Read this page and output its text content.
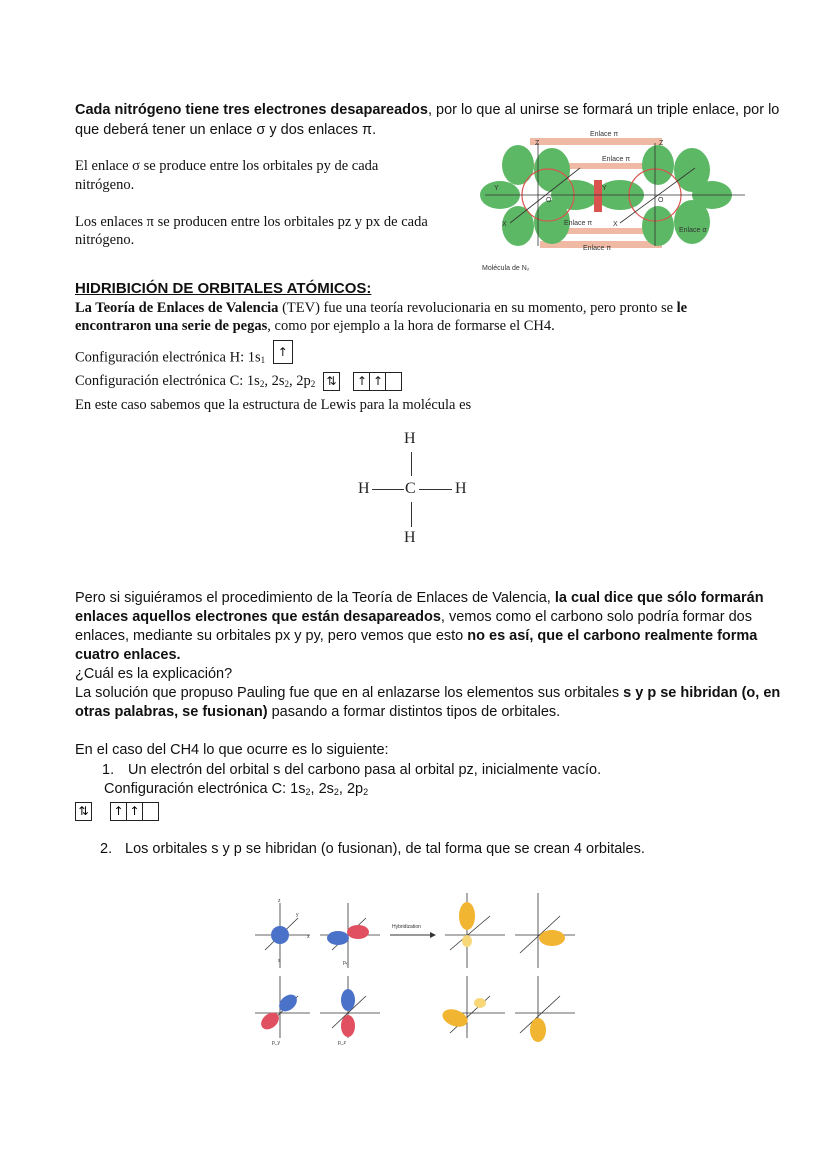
Cada nitrógeno tiene tres electrones desapareados, por lo que al unirse se formará un triple enlace, por lo
que deberá tener un enlace σ y dos enlaces π.
El enlace σ se produce entre los orbitales py de cada
nitrógeno.
Los enlaces π se producen entre los orbitales pz y px de cada
nitrógeno.
Enlace π
Enlace π
Enlace π
Enlace π
Enlace σ
Z	Z
Y	Y
X	X
O	O
Molécula de N₂
HIDRIBICIÓN DE ORBITALES ATÓMICOS:
La Teoría de Enlaces de Valencia (TEV) fue una teoría revolucionaria en su momento, pero pronto se le
encontraron una serie de pegas, como por ejemplo a la hora de formarse el CH4.
Configuración electrónica H: 1s1
↑
Configuración electrónica C: 1s2, 2s2, 2p2 ⇅
↑ ↑
En este caso sabemos que la estructura de Lewis para la molécula es
H
H C H
H
Pero si siguiéramos el procedimiento de la Teoría de Enlaces de Valencia, la cual dice que sólo formarán
enlaces aquellos electrones que están desapareados, vemos como el carbono solo podría formar dos
enlaces, mediante su orbitales px y py, pero vemos que esto no es así, que el carbono realmente forma
cuatro enlaces.
¿Cuál es la explicación?
La solución que propuso Pauling fue que en al enlazarse los elementos sus orbitales s y p se hibridan (o, en
otras palabras, se fusionan) pasando a formar distintos tipos de orbitales.
En el caso del CH4 lo que ocurre es lo siguiente:
1. Un electrón del orbital s del carbono pasa al orbital pz, inicialmente vacío.
Configuración electrónica C: 1s2, 2s2, 2p2
⇅
↑ ↑
2. Los orbitales s y p se hibridan (o fusionan), de tal forma que se crean 4 orbitales.
Hybridization
s	pₓ
p_y	p_z
x
y
z
